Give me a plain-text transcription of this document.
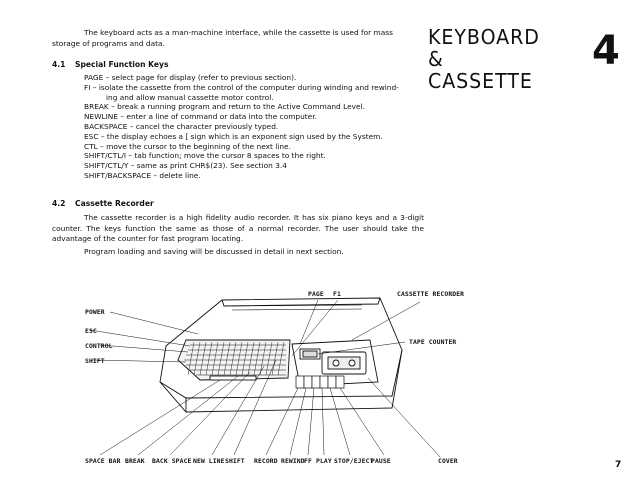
The keyboard acts as a man-machine interface, while the cassette is used for mass storage of programs and data.	KEYBOARD &
CASSETTE
4
4.1 Special Function Keys
PAGE – select page for display (refer to previous section).
FI – isolate the cassette from the control of the computer during winding and rewind-
ing and allow manual cassette motor control.
BREAK – break a running program and return to the Active Command Level.
NEWLINE – enter a line of command or data into the computer.
BACKSPACE – cancel the character previously typed.
ESC – the display echoes a [ sign which is an exponent sign used by the System.
CTL – move the cursor to the beginning of the next line.
SHIFT/CTL/I – tab function; move the cursor 8 spaces to the right.
SHIFT/CTL/Y – same as print CHR$(23). See section 3.4
SHIFT/BACKSPACE – delete line.
4.2 Cassette Recorder
The cassette recorder is a high fidelity audio recorder. It has six piano keys and a 3-digit counter. The keys function the same as those of a normal recorder. The user should take the advantage of the counter for fast program locating.
Program loading and saving will be discussed in detail in next section.
PAGE F1	CASSETTE RECORDER
POWER
ESC
CONTROL
SHIFT
TAPE COUNTER
SPACE BAR BREAK BACK SPACE NEW LINE SHIFT RECORD REWIND FF PLAY STOP/EJECT
PAUSE	COVER	7
